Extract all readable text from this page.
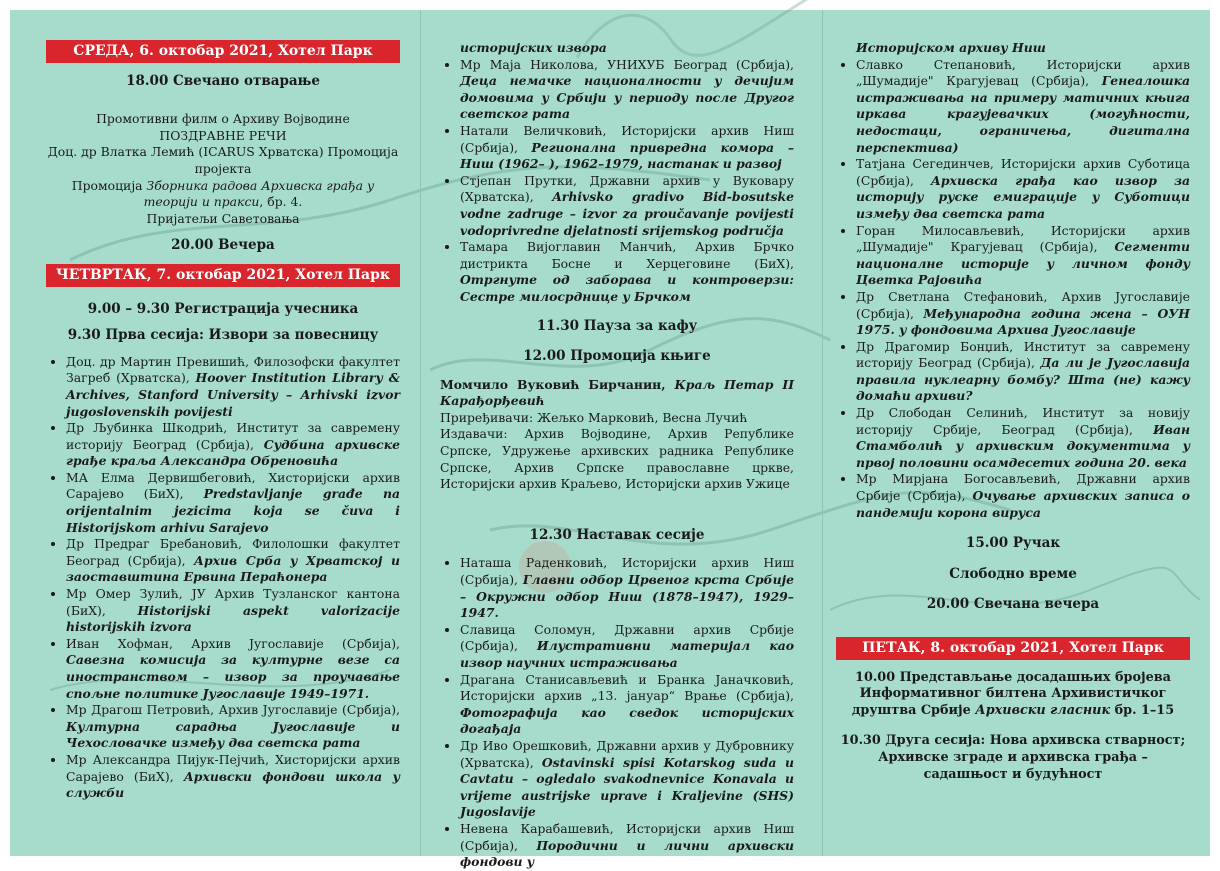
СРЕДА, 6. октобар 2021, Хотел Парк
18.00 Свечано отварање
Промотивни филм о Архиву Војводине
ПОЗДРАВНЕ РЕЧИ
Доц. др Влатка Лемић (ICARUS Хрватска) Промоција пројекта
Промоција Зборника радова Архивска грађа у теорији и пракси, бр. 4.
Пријатељи Саветовања
20.00 Вечера
ЧЕТВРТАК, 7. октобар 2021, Хотел Парк
9.00 – 9.30 Регистрација учесника
9.30 Прва сесија: Извори за повесницу
• Доц. др Мартин Превишић, Филозофски факултет Загреб (Хрватска), Hoover Institution Library & Archives, Stanford University – Arhivski izvor jugoslovenskih povijesti
• Др Љубинка Шкодрић, Институт за савремену историју Београд (Србија), Судбина архивске грађе краља Александра Обреновића
• МА Елма Дервишбеговић, Хисторијски архив Сарајево (БиХ), Predstavljanje građe na orijentalnim jezicima koja se čuva i Historijskom arhivu Sarajevo
• Др Предраг Бребановић, Филолошки факултет Београд (Србија), Архив Срба у Хрватској и заоставштина Ервина Пераћонера
• Мр Омер Зулић, ЈУ Архив Тузланског кантона (БиХ), Historijski aspekt valorizacije historijskih izvora
• Иван Хофман, Архив Југославије (Србија), Савезна комисија за културне везе са иностранством – извор за проучавање спољне политике Југославије 1949–1971.
• Мр Драгош Петровић, Архив Југославије (Србија), Културна сарадња Југославије и Чехословачке између два светска рата
• Мр Александра Пијук-Пејчић, Хисторијски архив Сарајево (БиХ), Архивски фондови школа у служби
историјских извора
• Мр Маја Николова, УНИХУБ Београд (Србија), Деца немачке националности у дечијим домовима у Србији у периоду после Другог светског рата
• Натали Величковић, Историјски архив Ниш (Србија), Регионална привредна комора – Ниш (1962– ), 1962–1979, настанак и развој
• Стјепан Прутки, Државни архив у Вуковару (Хрватска), Arhivsko gradivo Bid-bosutske vodne zadruge – izvor za proučavanje povijesti vodoprivredne djelatnosti srijemskog područja
• Тамара Вијоглавин Манчић, Архив Брчко дистрикта Босне и Херцеговине (БиХ), Отргнуте од заборава и контроверзи: Сестре милосрднице у Брчком
11.30 Пауза за кафу
12.00 Промоција књиге
Момчило Вуковић Бирчанин, Краљ Петар II Карађорђевић
Приређивачи: Жељко Марковић, Весна Лучић
Издавачи: Архив Војводине, Архив Републике Српске, Удружење архивских радника Републике Српске, Архив Српске православне цркве, Историјски архив Краљево, Историјски архив Ужице
12.30 Наставак сесије
• Наташа Раденковић, Историјски архив Ниш (Србија), Главни одбор Црвеног крста Србије – Окружни одбор Ниш (1878–1947), 1929–1947.
• Славица Соломун, Државни архив Србије (Србија), Илустративни материјал као извор научних истраживања
• Драгана Станисављевић и Бранка Јаначковић, Историјски архив „13. јануар“ Врање (Србија), Фотографија као сведок историјских догађаја
• Др Иво Орешковић, Државни архив у Дубровнику (Хрватска), Ostavinski spisi Kotarskog suda u Cavtatu – ogledalo svakodnevnice Konavala u vrijeme austrijske uprave i Kraljevine (SHS) Jugoslavije
• Невена Карабашевић, Историјски архив Ниш (Србија), Породични и лични архивски фондови у
Историјском архиву Ниш
• Славко Степановић, Историјски архив „Шумадије" Крагујевац (Србија), Генеалошка истраживања на примеру матичних књига иркава крагујевачких (могућности, недостаци, ограничења, дигитална перспектива)
• Татјана Сегединчев, Историјски архив Суботица (Србија), Архивска грађа као извор за историју руске емиграције у Суботици између два светска рата
• Горан Милосављевић, Историјски архив „Шумадије" Крагујевац (Србија), Сегменти националне историје у личном фонду Цветка Рајовића
• Др Светлана Стефановић, Архив Југославије (Србија), Међународна година жена – ОУН 1975. у фондовима Архива Југославије
• Др Драгомир Бонџић, Институт за савремену историју Београд (Србија), Да ли је Југославија правила нуклеарну бомбу? Шта (не) кажу домаћи архиви?
• Др Слободан Селинић, Институт за новију историју Србије, Београд (Србија), Иван Стамболић у архивским документима у првој половини осамдесетих година 20. века
• Мр Мирјана Богосављевић, Државни архив Србије (Србија), Очување архивских записа о пандемији корона вируса
15.00 Ручак
Слободно време
20.00 Свечана вечера
ПЕТАК, 8. октобар 2021, Хотел Парк
10.00 Представљање досадашњих бројева Информативног билтена Архивистичког друштва Србије Архивски гласник бр. 1–15
10.30 Друга сесија: Нова архивска стварност; Архивске зграде и архивска грађа – садашњост и будућност
